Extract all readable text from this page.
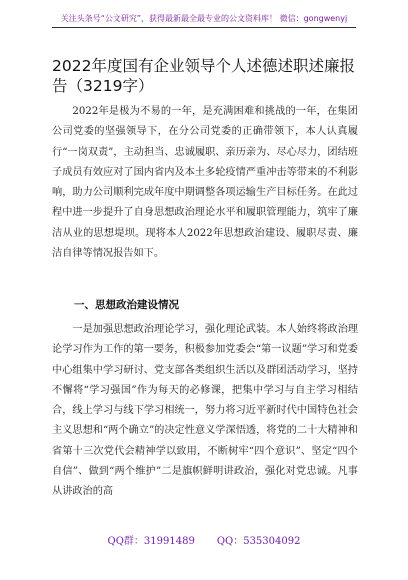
关注头条号“公文研究”，获得最新最全最专业的公文资料库！ 微信：gongwenyj
2022年度国有企业领导个人述德述职述廉报告（3219字）

2022年是极为不易的一年，是充满困难和挑战的一年，在集团公司党委的坚强领导下，在分公司党委的正确带领下，本人认真履行“一岗双责”，主动担当、忠诚履职、亲历亲为、尽心尽力，团结班子成员有效应对了国内省内及本土多轮疫情严重冲击等带来的不利影响，助力公司顺利完成年度中期调整各项运输生产目标任务。在此过程中进一步提升了自身思想政治理论水平和履职管理能力，筑牢了廉洁从业的思想堤坝。现将本人2022年思想政治建设、履职尽责、廉洁自律等情况报告如下。

一、思想政治建设情况

一是加强思想政治理论学习，强化理论武装。本人始终将政治理论学习作为工作的第一要务，积极参加党委会“第一议题”学习和党委中心组集中学习研讨、党支部各类组织生活以及群团活动学习，坚持不懈将“学习强国”作为每天的必修课，把集中学习与自主学习相结合，线上学习与线下学习相统一，努力将习近平新时代中国特色社会主义思想和“两个确立”的决定性意义学深悟透，将党的二十大精神和省第十三次党代会精神学以致用，不断树牢“四个意识”、坚定“四个自信”、做到“两个维护”二是旗帜鲜明讲政治，强化对党忠诚。凡事从讲政治的高

QQ群：31991489 QQ：535304092
